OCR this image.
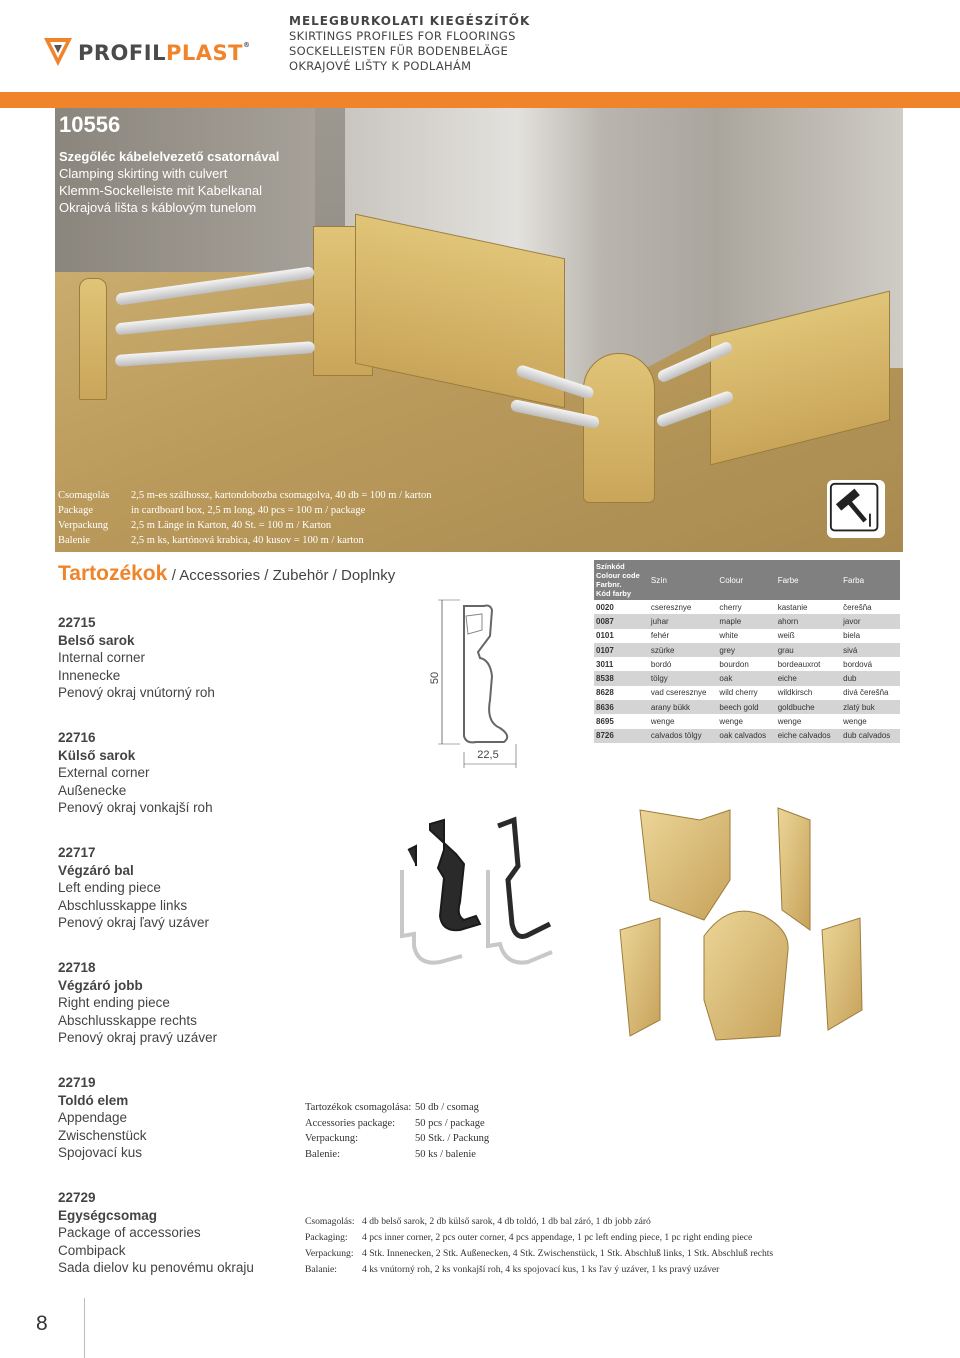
PROFILPLAST®
MELEGBURKOLATI KIEGÉSZÍTŐK
SKIRTINGS PROFILES FOR FLOORINGS
SOCKELLEISTEN FÜR BODENBELÄGE
OKRAJOVÉ LIŠTY K PODLAHÁM
10556
Szegőléc kábelelvezető csatornával
Clamping skirting with culvert
Klemm-Sockelleiste mit Kabelkanal
Okrajová lišta s káblovým tunelom
Csomagolás	2,5 m-es szálhossz, kartondobozba csomagolva, 40 db = 100 m / karton
Package	in cardboard box, 2,5 m long, 40 pcs = 100 m / package
Verpackung	2,5 m Länge in Karton, 40 St. = 100 m / Karton
Balenie	2,5 m ks, kartónová krabica, 40 kusov = 100 m / karton
Tartozékok / Accessories / Zubehör / Doplnky
22715
Belső sarok
Internal corner
Innenecke
Penový okraj vnútorný roh
22716
Külső sarok
External corner
Außenecke
Penový okraj vonkajší roh
22717
Végzáró bal
Left ending piece
Abschlusskappe links
Penový okraj ľavý uzáver
22718
Végzáró jobb
Right ending piece
Abschlusskappe rechts
Penový okraj pravý uzáver
22719
Toldó elem
Appendage
Zwischenstück
Spojovací kus
22729
Egységcsomag
Package of accessories
Combipack
Sada dielov ku penovému okraju
50
22,5
Színkód
Colour code
Farbnr.
Kód farby	Szín	Colour	Farbe	Farba
0020	cseresznye	cherry	kastanie	čerešňa
0087	juhar	maple	ahorn	javor
0101	fehér	white	weiß	biela
0107	szürke	grey	grau	sivá
3011	bordó	bourdon	bordeauxrot	bordová
8538	tölgy	oak	eiche	dub
8628	vad cseresznye	wild cherry	wildkirsch	divá čerešňa
8636	arany bükk	beech gold	goldbuche	zlatý buk
8695	wenge	wenge	wenge	wenge
8726	calvados tölgy	oak calvados	eiche calvados	dub calvados
Tartozékok csomagolása: 50 db / csomag
Accessories package:	50 pcs / package
Verpackung:	50 Stk. / Packung
Balenie:	50 ks / balenie
Csomagolás: 4 db belső sarok, 2 db külső sarok, 4 db toldó, 1 db bal záró, 1 db jobb záró
Packaging:	4 pcs inner corner, 2 pcs outer corner, 4 pcs appendage, 1 pc left ending piece, 1 pc right ending piece
Verpackung: 4 Stk. Innenecken, 2 Stk. Außenecken, 4 Stk. Zwischenstück, 1 Stk. Abschluß links, 1 Stk. Abschluß rechts
Balanie:	4 ks vnútorný roh, 2 ks vonkajší roh, 4 ks spojovací kus, 1 ks ľav ý uzáver, 1 ks pravý uzáver
8
